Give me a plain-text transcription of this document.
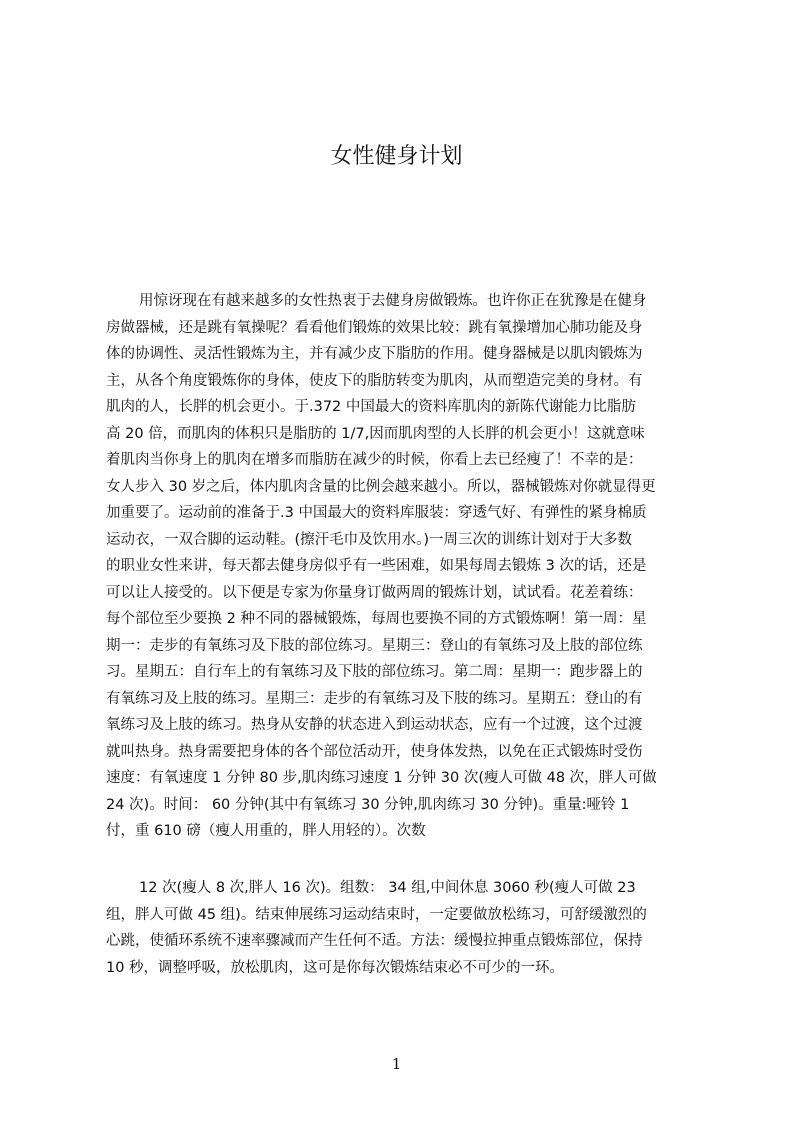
女性健身计划
用惊讶现在有越来越多的女性热衷于去健身房做锻炼。也许你正在犹豫是在健身
房做器械，还是跳有氧操呢？看看他们锻炼的效果比较：跳有氧操增加心肺功能及身
体的协调性、灵活性锻炼为主，并有减少皮下脂肪的作用。健身器械是以肌肉锻炼为
主，从各个角度锻炼你的身体，使皮下的脂肪转变为肌肉，从而塑造完美的身材。有
肌肉的人，长胖的机会更小。于.372 中国最大的资料库肌肉的新陈代谢能力比脂肪
高 20 倍，而肌肉的体积只是脂肪的 1/7,因而肌肉型的人长胖的机会更小！这就意味
着肌肉当你身上的肌肉在增多而脂肪在减少的时候，你看上去已经瘦了！不幸的是：
女人步入 30 岁之后，体内肌肉含量的比例会越来越小。所以，器械锻炼对你就显得更
加重要了。运动前的准备于.3 中国最大的资料库服装：穿透气好、有弹性的紧身棉质
运动衣，一双合脚的运动鞋。(擦汗毛巾及饮用水。)一周三次的训练计划对于大多数
的职业女性来讲，每天都去健身房似乎有一些困难，如果每周去锻炼 3 次的话，还是
可以让人接受的。以下便是专家为你量身订做两周的锻炼计划，试试看。花差着练：
每个部位至少要换 2 种不同的器械锻炼，每周也要换不同的方式锻炼啊！第一周：星
期一：走步的有氧练习及下肢的部位练习。星期三：登山的有氧练习及上肢的部位练
习。星期五：自行车上的有氧练习及下肢的部位练习。第二周：星期一：跑步器上的
有氧练习及上肢的练习。星期三：走步的有氧练习及下肢的练习。星期五：登山的有
氧练习及上肢的练习。热身从安静的状态进入到运动状态，应有一个过渡，这个过渡
就叫热身。热身需要把身体的各个部位活动开，使身体发热，以免在正式锻炼时受伤
速度：有氧速度 1 分钟 80 步,肌肉练习速度 1 分钟 30 次(瘦人可做 48 次，胖人可做
24 次)。时间： 60 分钟(其中有氧练习 30 分钟,肌肉练习 30 分钟)。重量:哑铃 1
付，重 610 磅（瘦人用重的，胖人用轻的）。次数
12 次(瘦人 8 次,胖人 16 次)。组数： 34 组,中间休息 3060 秒(瘦人可做 23
组，胖人可做 45 组)。结束伸展练习运动结束时，一定要做放松练习，可舒缓激烈的
心跳，使循环系统不速率骤减而产生任何不适。方法：缓慢拉抻重点锻炼部位，保持
10 秒，调整呼吸，放松肌肉，这可是你每次锻炼结束必不可少的一环。
1
